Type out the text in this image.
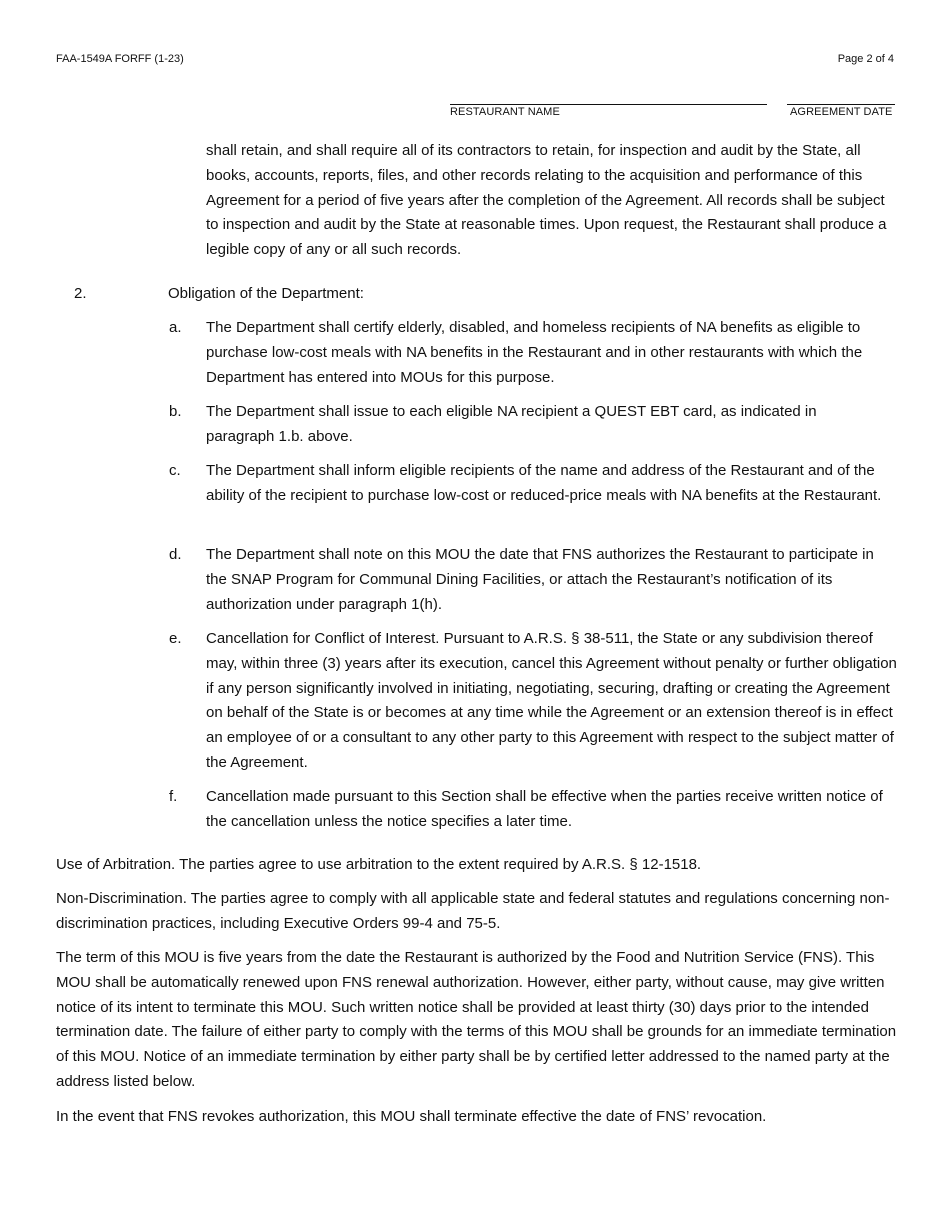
FAA-1549A FORFF (1-23)	Page 2 of 4
RESTAURANT NAME	AGREEMENT DATE

shall retain, and shall require all of its contractors to retain, for inspection and audit by the State, all books, accounts, reports, files, and other records relating to the acquisition and performance of this Agreement for a period of five years after the completion of the Agreement. All records shall be subject to inspection and audit by the State at reasonable times. Upon request, the Restaurant shall produce a legible copy of any or all such records.

2.	Obligation of the Department:
a. The Department shall certify elderly, disabled, and homeless recipients of NA benefits as eligible to purchase low-cost meals with NA benefits in the Restaurant and in other restaurants with which the Department has entered into MOUs for this purpose.

b. The Department shall issue to each eligible NA recipient a QUEST EBT card, as indicated in paragraph 1.b. above.

c. The Department shall inform eligible recipients of the name and address of the Restaurant and of the ability of the recipient to purchase low-cost or reduced-price meals with NA benefits at the Restaurant.

d. The Department shall note on this MOU the date that FNS authorizes the Restaurant to participate in the SNAP Program for Communal Dining Facilities, or attach the Restaurant’s notification of its authorization under paragraph 1(h).

e. Cancellation for Conflict of Interest. Pursuant to A.R.S. § 38-511, the State or any subdivision thereof may, within three (3) years after its execution, cancel this Agreement without penalty or further obligation if any person significantly involved in initiating, negotiating, securing, drafting or creating the Agreement on behalf of the State is or becomes at any time while the Agreement or an extension thereof is in effect an employee of or a consultant to any other party to this Agreement with respect to the subject matter of the Agreement.

f. Cancellation made pursuant to this Section shall be effective when the parties receive written notice of the cancellation unless the notice specifies a later time.

Use of Arbitration. The parties agree to use arbitration to the extent required by A.R.S. § 12-1518.

Non-Discrimination. The parties agree to comply with all applicable state and federal statutes and regulations concerning non-discrimination practices, including Executive Orders 99-4 and 75-5.

The term of this MOU is five years from the date the Restaurant is authorized by the Food and Nutrition Service (FNS). This MOU shall be automatically renewed upon FNS renewal authorization. However, either party, without cause, may give written notice of its intent to terminate this MOU. Such written notice shall be provided at least thirty (30) days prior to the intended termination date. The failure of either party to comply with the terms of this MOU shall be grounds for an immediate termination of this MOU. Notice of an immediate termination by either party shall be by certified letter addressed to the named party at the address listed below.

In the event that FNS revokes authorization, this MOU shall terminate effective the date of FNS’ revocation.
